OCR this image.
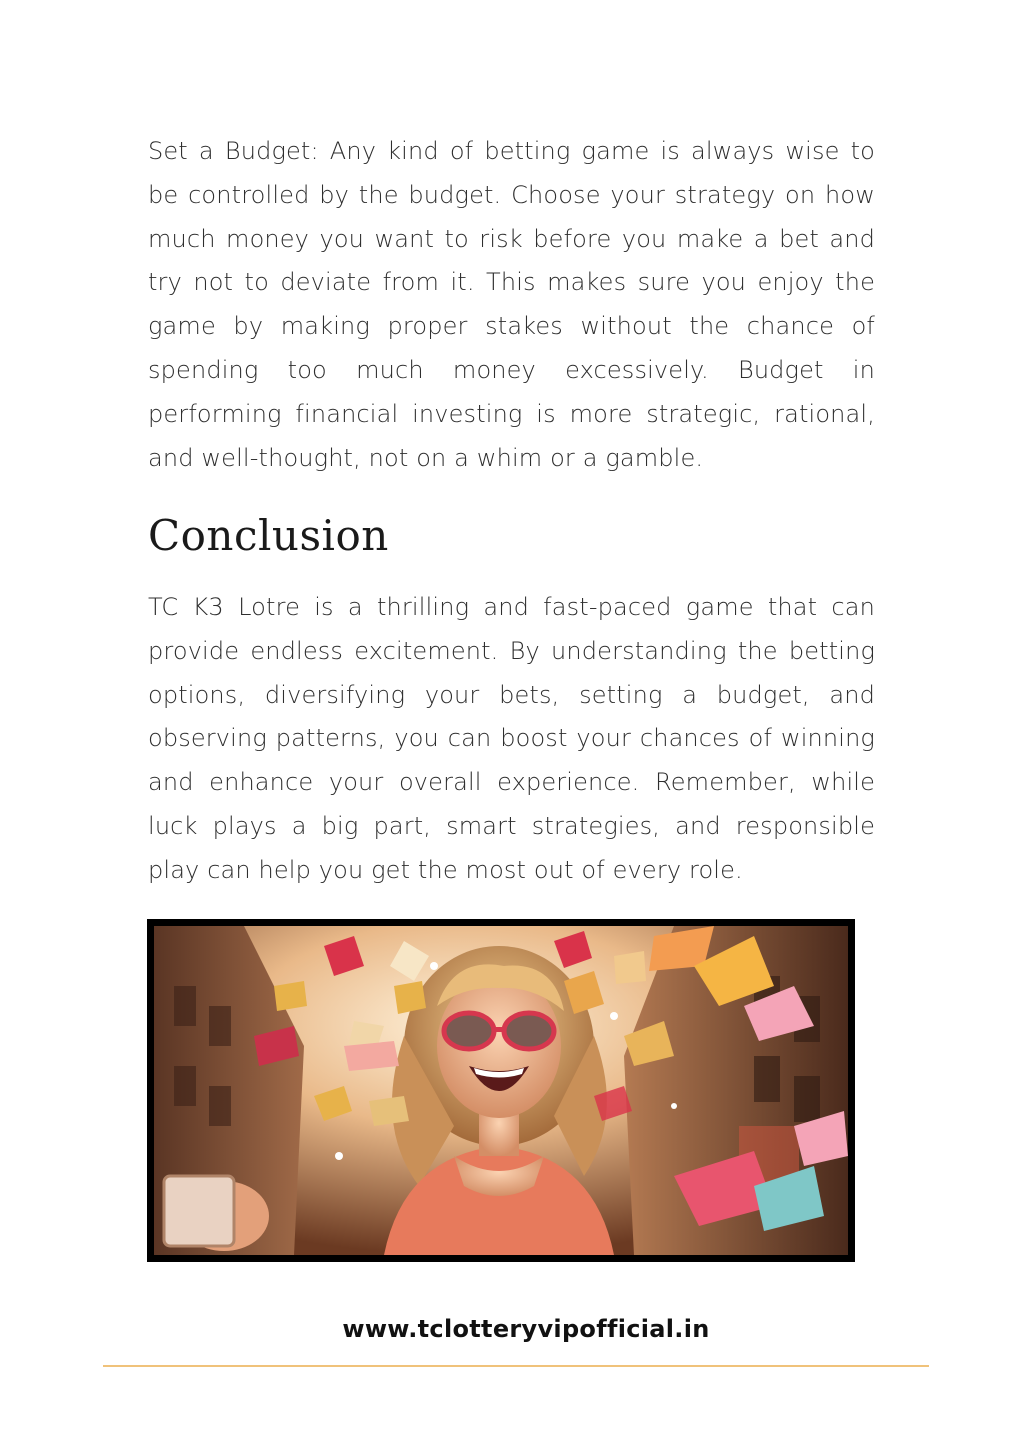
Set a Budget: Any kind of betting game is always wise to be controlled by the budget. Choose your strategy on how much money you want to risk before you make a bet and try not to deviate from it. This makes sure you enjoy the game by making proper stakes without the chance of spending too much money excessively. Budget in performing financial investing is more strategic, rational, and well-thought, not on a whim or a gamble.

Conclusion

TC K3 Lotre is a thrilling and fast-paced game that can provide endless excitement. By understanding the betting options, diversifying your bets, setting a budget, and observing patterns, you can boost your chances of winning and enhance your overall experience. Remember, while luck plays a big part, smart strategies, and responsible play can help you get the most out of every role.

www.tclotteryvipofficial.in
